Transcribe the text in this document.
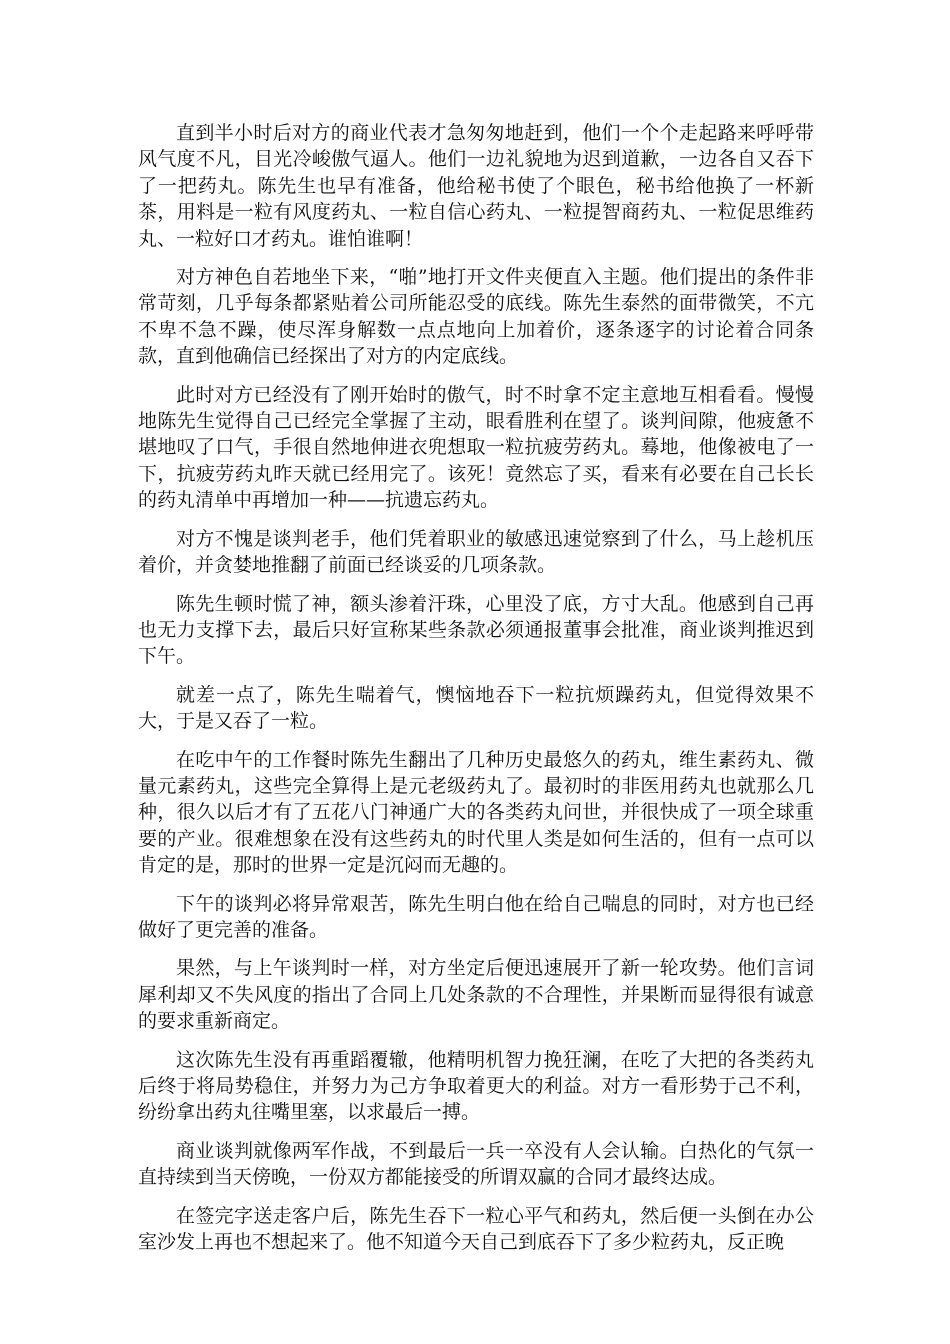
直到半小时后对方的商业代表才急匆匆地赶到，他们一个个走起路来呼呼带风气度不凡，目光冷峻傲气逼人。他们一边礼貌地为迟到道歉，一边各自又吞下了一把药丸。陈先生也早有准备，他给秘书使了个眼色，秘书给他换了一杯新茶，用料是一粒有风度药丸、一粒自信心药丸、一粒提智商药丸、一粒促思维药丸、一粒好口才药丸。谁怕谁啊！

对方神色自若地坐下来，“啪”地打开文件夹便直入主题。他们提出的条件非常苛刻，几乎每条都紧贴着公司所能忍受的底线。陈先生泰然的面带微笑，不亢不卑不急不躁，使尽浑身解数一点点地向上加着价，逐条逐字的讨论着合同条款，直到他确信已经探出了对方的内定底线。

此时对方已经没有了刚开始时的傲气，时不时拿不定主意地互相看看。慢慢地陈先生觉得自己已经完全掌握了主动，眼看胜利在望了。谈判间隙，他疲惫不堪地叹了口气，手很自然地伸进衣兜想取一粒抗疲劳药丸。蓦地，他像被电了一下，抗疲劳药丸昨天就已经用完了。该死！竟然忘了买，看来有必要在自己长长的药丸清单中再增加一种——抗遗忘药丸。

对方不愧是谈判老手，他们凭着职业的敏感迅速觉察到了什么，马上趁机压着价，并贪婪地推翻了前面已经谈妥的几项条款。

陈先生顿时慌了神，额头渗着汗珠，心里没了底，方寸大乱。他感到自己再也无力支撑下去，最后只好宣称某些条款必须通报董事会批准，商业谈判推迟到下午。

就差一点了，陈先生喘着气，懊恼地吞下一粒抗烦躁药丸，但觉得效果不大，于是又吞了一粒。

在吃中午的工作餐时陈先生翻出了几种历史最悠久的药丸，维生素药丸、微量元素药丸，这些完全算得上是元老级药丸了。最初时的非医用药丸也就那么几种，很久以后才有了五花八门神通广大的各类药丸问世，并很快成了一项全球重要的产业。很难想象在没有这些药丸的时代里人类是如何生活的，但有一点可以肯定的是，那时的世界一定是沉闷而无趣的。

下午的谈判必将异常艰苦，陈先生明白他在给自己喘息的同时，对方也已经做好了更完善的准备。

果然，与上午谈判时一样，对方坐定后便迅速展开了新一轮攻势。他们言词犀利却又不失风度的指出了合同上几处条款的不合理性，并果断而显得很有诚意的要求重新商定。

这次陈先生没有再重蹈覆辙，他精明机智力挽狂澜，在吃了大把的各类药丸后终于将局势稳住，并努力为己方争取着更大的利益。对方一看形势于己不利，纷纷拿出药丸往嘴里塞，以求最后一搏。

商业谈判就像两军作战，不到最后一兵一卒没有人会认输。白热化的气氛一直持续到当天傍晚，一份双方都能接受的所谓双赢的合同才最终达成。

在签完字送走客户后，陈先生吞下一粒心平气和药丸，然后便一头倒在办公室沙发上再也不想起来了。他不知道今天自己到底吞下了多少粒药丸，反正晚
